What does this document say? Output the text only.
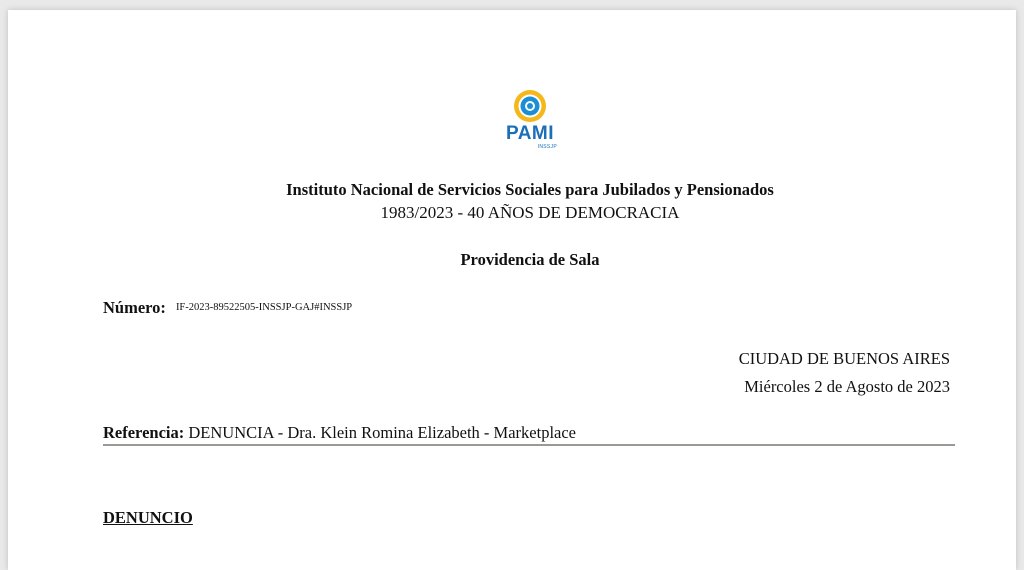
PAMI
INSSJP
Instituto Nacional de Servicios Sociales para Jubilados y Pensionados
1983/2023 - 40 AÑOS DE DEMOCRACIA
Providencia de Sala
Número: IF-2023-89522505-INSSJP-GAJ#INSSJP
CIUDAD DE BUENOS AIRES
Miércoles 2 de Agosto de 2023
Referencia: DENUNCIA - Dra. Klein Romina Elizabeth - Marketplace
DENUNCIO
